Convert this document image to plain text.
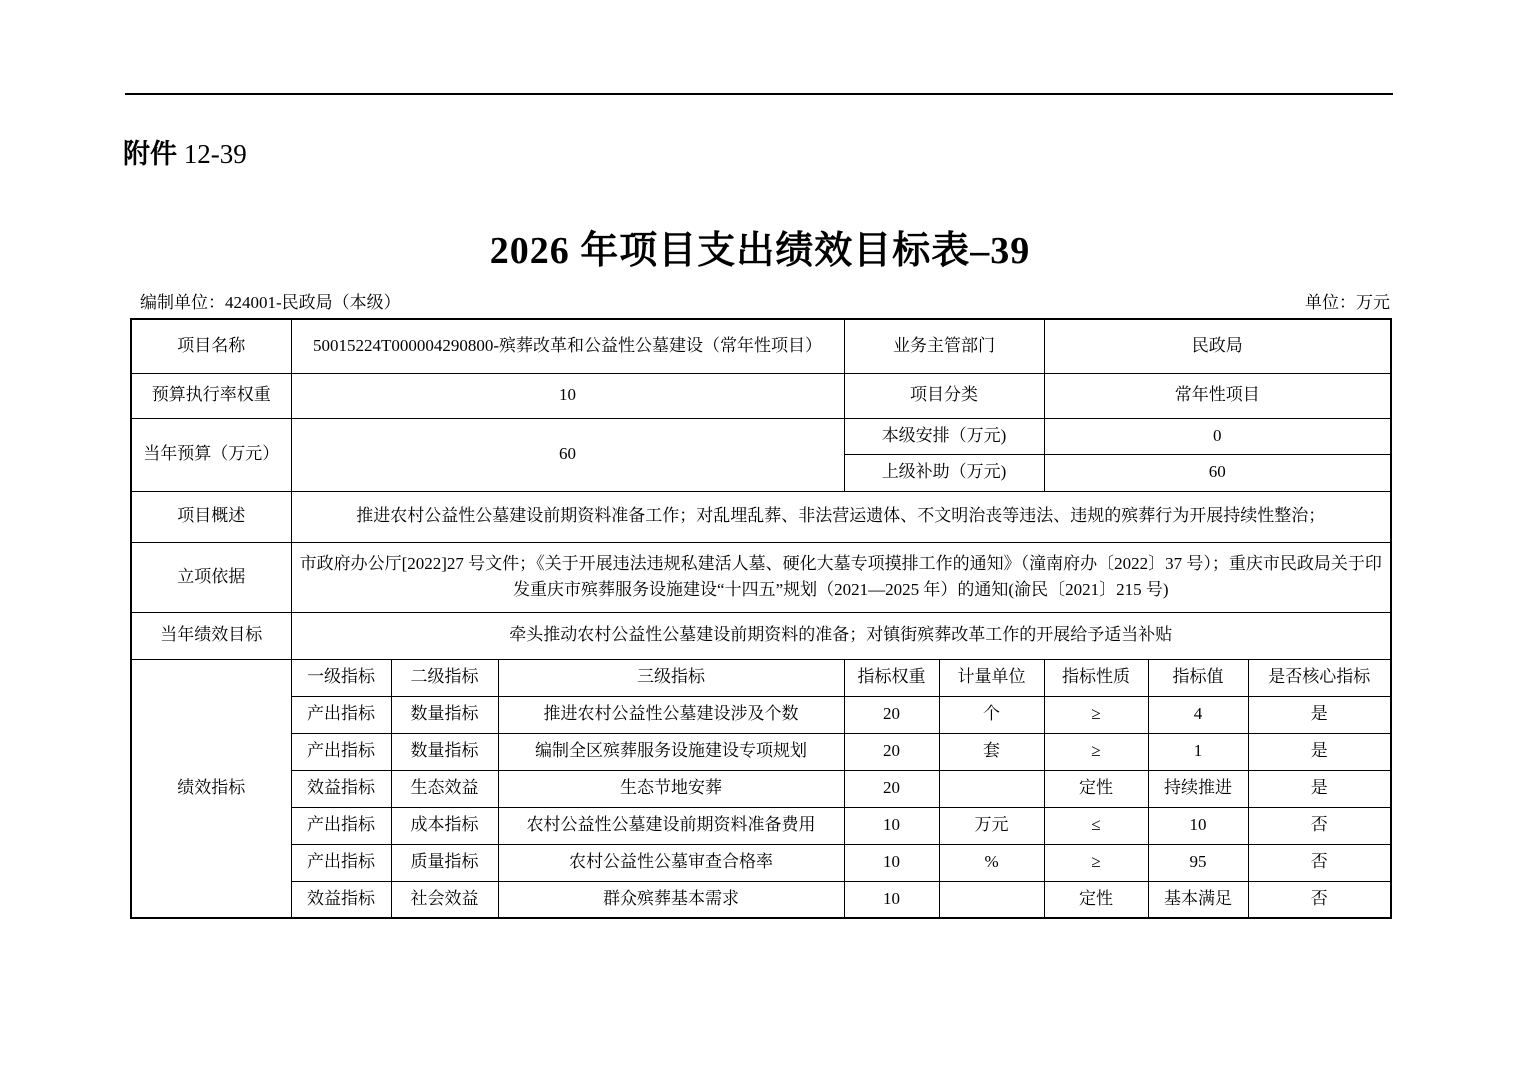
附件 12-39
2026 年项目支出绩效目标表–39
编制单位：424001-民政局（本级）	单位：万元
项目名称	50015224T000004290800-殡葬改革和公益性公墓建设（常年性项目）			业务主管部门		民政局		
预算执行率权重	10			项目分类		常年性项目		
当年预算（万元）	60			本级安排（万元)		0		
				上级补助（万元)		60		
项目概述	推进农村公益性公墓建设前期资料准备工作；对乱埋乱葬、非法营运遗体、不文明治丧等违法、违规的殡葬行为开展持续性整治；							
立项依据	市政府办公厅[2022]27 号文件；《关于开展违法违规私建活人墓、硬化大墓专项摸排工作的通知》（潼南府办〔2022〕37 号）；重庆市民政局关于印发重庆市殡葬服务设施建设“十四五”规划（2021—2025 年）的通知(渝民〔2021〕215 号)							
当年绩效目标	牵头推动农村公益性公墓建设前期资料的准备；对镇街殡葬改革工作的开展给予适当补贴							
绩效指标	一级指标	二级指标	三级指标	指标权重	计量单位	指标性质	指标值	是否核心指标
	产出指标	数量指标	推进农村公益性公墓建设涉及个数	20	个	≥	4	是
	产出指标	数量指标	编制全区殡葬服务设施建设专项规划	20	套	≥	1	是
	效益指标	生态效益	生态节地安葬	20		定性	持续推进	是
	产出指标	成本指标	农村公益性公墓建设前期资料准备费用	10	万元	≤	10	否
	产出指标	质量指标	农村公益性公墓审查合格率	10	%	≥	95	否
	效益指标	社会效益	群众殡葬基本需求	10		定性	基本满足	否
